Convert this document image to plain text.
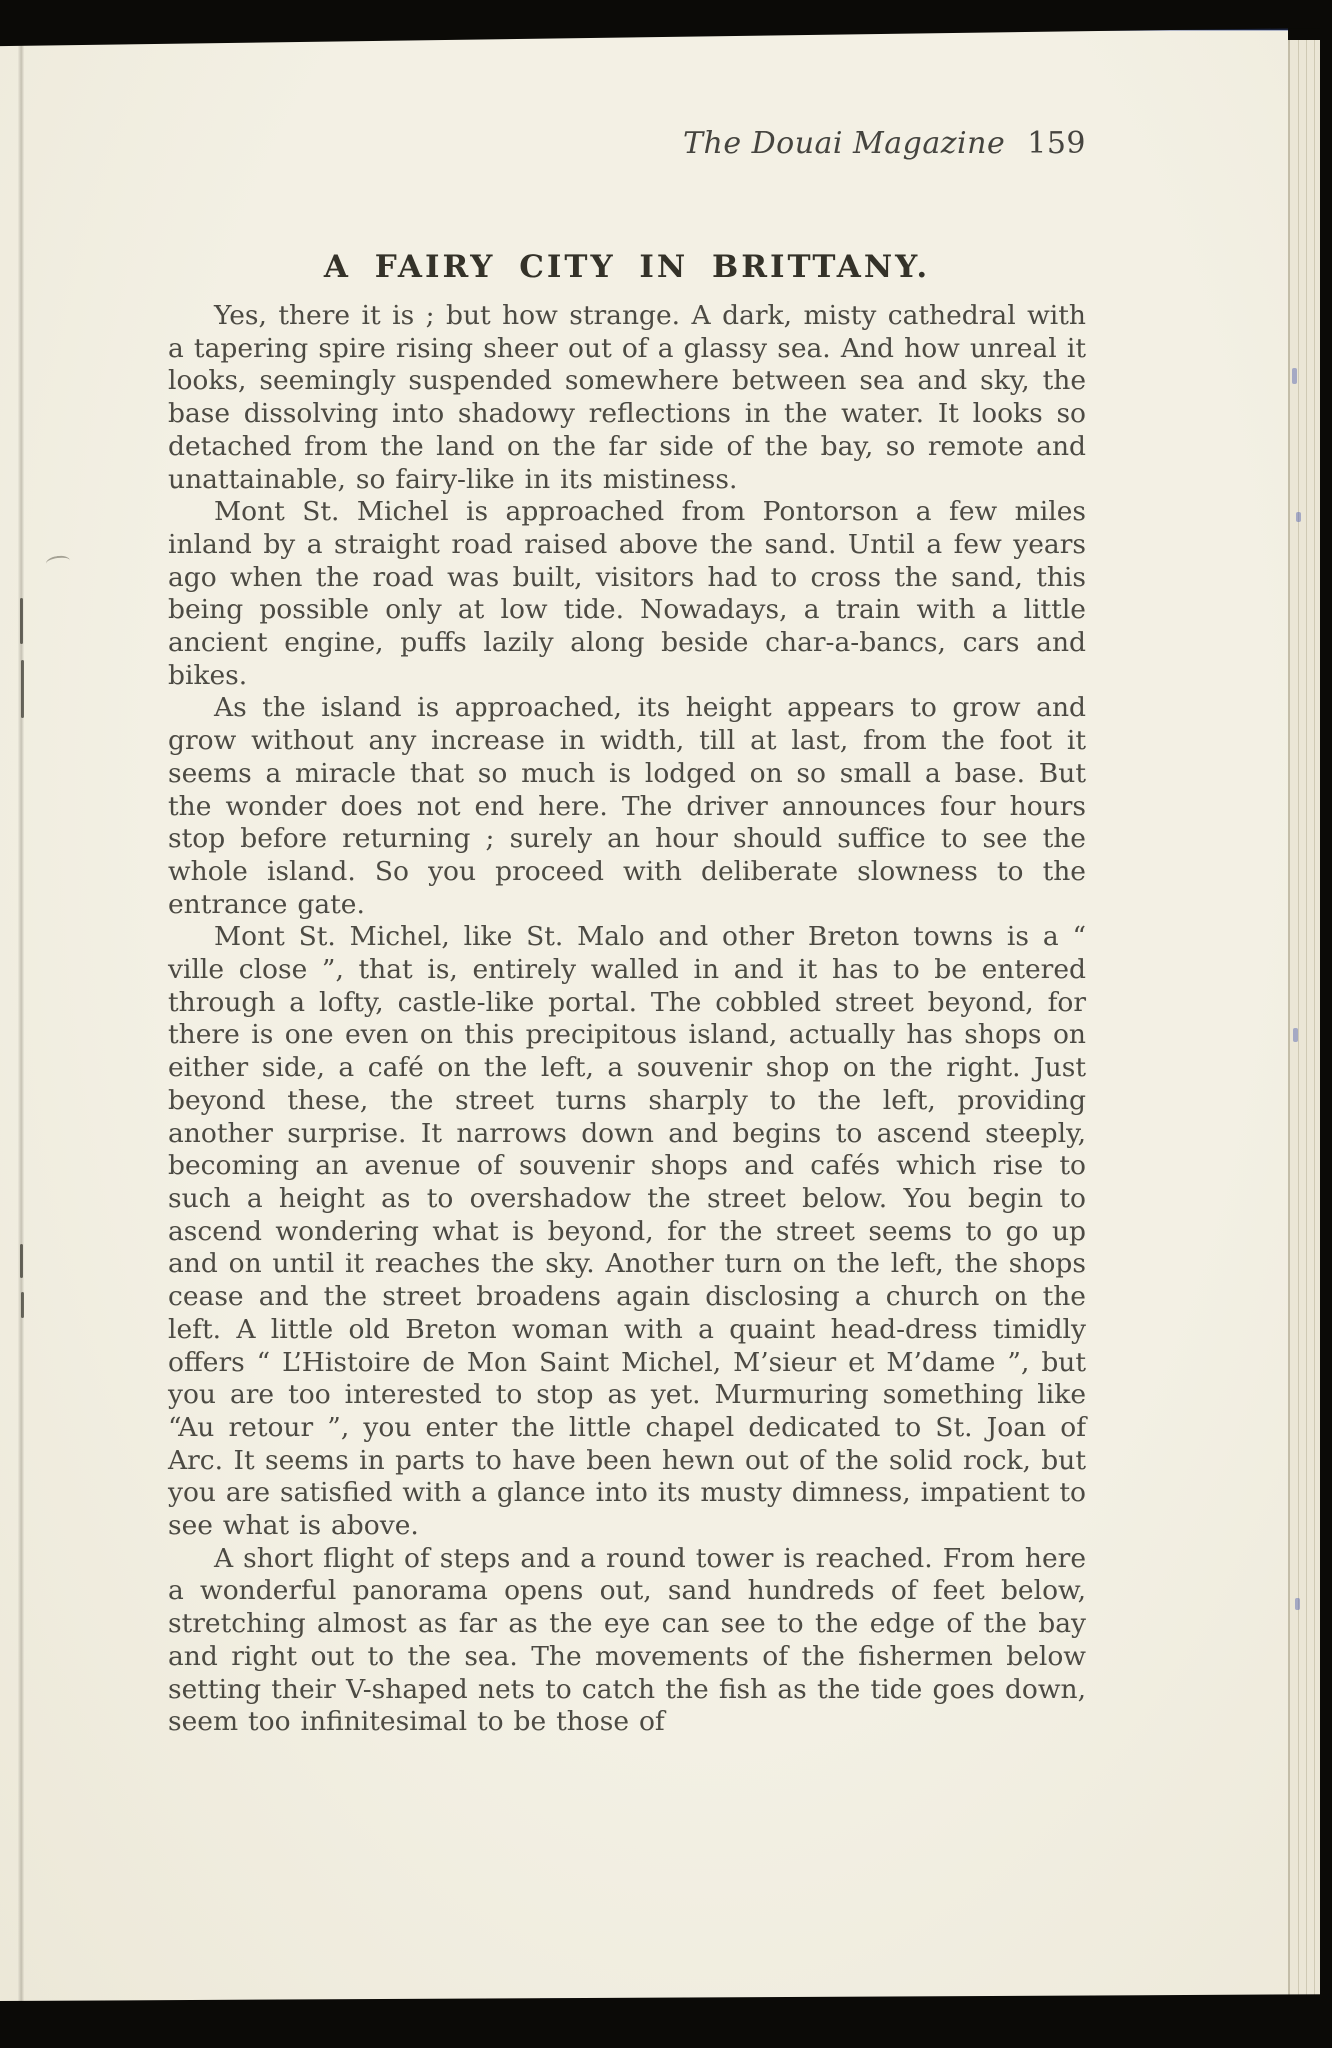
The Douai Magazine 159
A FAIRY CITY IN BRITTANY.

Yes, there it is ; but how strange. A dark, misty cathedral with a tapering spire rising sheer out of a glassy sea. And how unreal it looks, seemingly suspended somewhere between sea and sky, the base dissolving into shadowy reflections in the water. It looks so detached from the land on the far side of the bay, so remote and unattainable, so fairy-like in its mistiness.

Mont St. Michel is approached from Pontorson a few miles inland by a straight road raised above the sand. Until a few years ago when the road was built, visitors had to cross the sand, this being possible only at low tide. Nowadays, a train with a little ancient engine, puffs lazily along beside char-a-bancs, cars and bikes.

As the island is approached, its height appears to grow and grow without any increase in width, till at last, from the foot it seems a miracle that so much is lodged on so small a base. But the wonder does not end here. The driver announces four hours stop before returning ; surely an hour should suffice to see the whole island. So you proceed with deliberate slowness to the entrance gate.

Mont St. Michel, like St. Malo and other Breton towns is a “ ville close ”, that is, entirely walled in and it has to be entered through a lofty, castle-like portal. The cobbled street beyond, for there is one even on this precipitous island, actually has shops on either side, a café on the left, a souvenir shop on the right. Just beyond these, the street turns sharply to the left, providing another surprise. It narrows down and begins to ascend steeply, becoming an avenue of souvenir shops and cafés which rise to such a height as to overshadow the street below. You begin to ascend wondering what is beyond, for the street seems to go up and on until it reaches the sky. Another turn on the left, the shops cease and the street broadens again disclosing a church on the left. A little old Breton woman with a quaint head-dress timidly offers “ L’Histoire de Mon Saint Michel, M’sieur et M’dame ”, but you are too interested to stop as yet. Murmuring something like “Au retour ”, you enter the little chapel dedicated to St. Joan of Arc. It seems in parts to have been hewn out of the solid rock, but you are satisfied with a glance into its musty dimness, impatient to see what is above.

A short flight of steps and a round tower is reached. From here a wonderful panorama opens out, sand hundreds of feet below, stretching almost as far as the eye can see to the edge of the bay and right out to the sea. The movements of the fishermen below setting their V-shaped nets to catch the fish as the tide goes down, seem too infinitesimal to be those of
